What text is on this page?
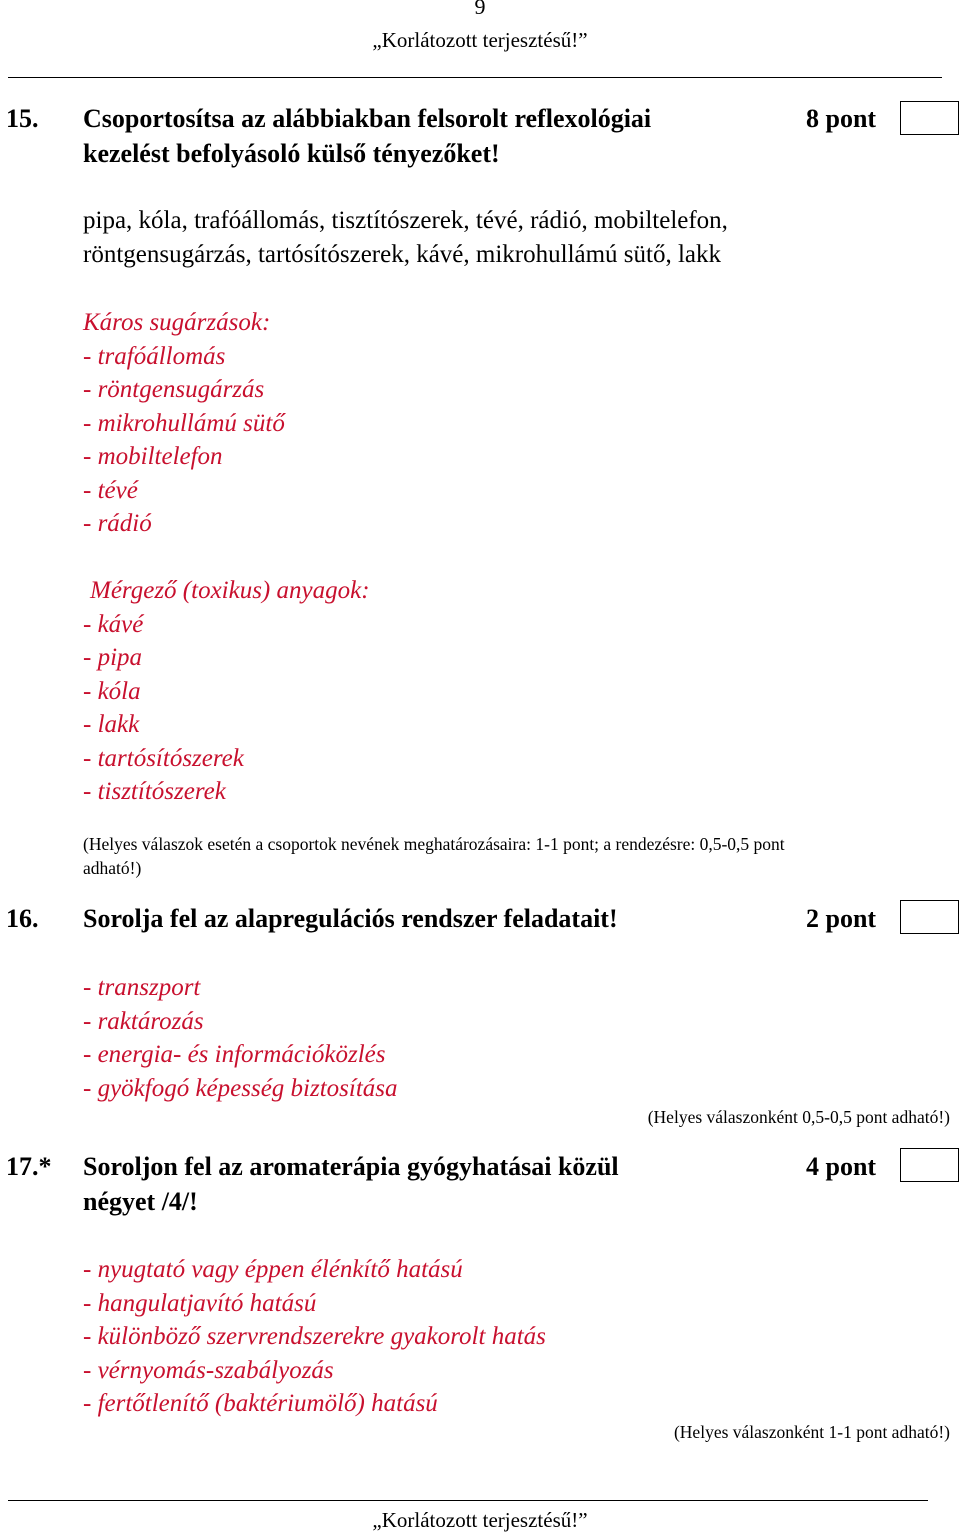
9
„Korlátozott terjesztésű!”
15. Csoportosítsa az alábbiakban felsorolt reflexológiai
kezelést befolyásoló külső tényezőket!
8 pont
pipa, kóla, trafóállomás, tisztítószerek, tévé, rádió, mobiltelefon,
röntgensugárzás, tartósítószerek, kávé, mikrohullámú sütő, lakk
Káros sugárzások:
- trafóállomás
- röntgensugárzás
- mikrohullámú sütő
- mobiltelefon
- tévé
- rádió
Mérgező (toxikus) anyagok:
- kávé
- pipa
- kóla
- lakk
- tartósítószerek
- tisztítószerek
(Helyes válaszok esetén a csoportok nevének meghatározásaira: 1-1 pont; a rendezésre: 0,5-0,5 pont
adható!)
16. Sorolja fel az alapregulációs rendszer feladatait!	2 pont
- transzport
- raktározás
- energia- és információközlés
- gyökfogó képesség biztosítása
(Helyes válaszonként 0,5-0,5 pont adható!)
17.* Soroljon fel az aromaterápia gyógyhatásai közül
négyet /4/!
4 pont
- nyugtató vagy éppen élénkítő hatású
- hangulatjavító hatású
- különböző szervrendszerekre gyakorolt hatás
- vérnyomás-szabályozás
- fertőtlenítő (baktériumölő) hatású
(Helyes válaszonként 1-1 pont adható!)
„Korlátozott terjesztésű!”
